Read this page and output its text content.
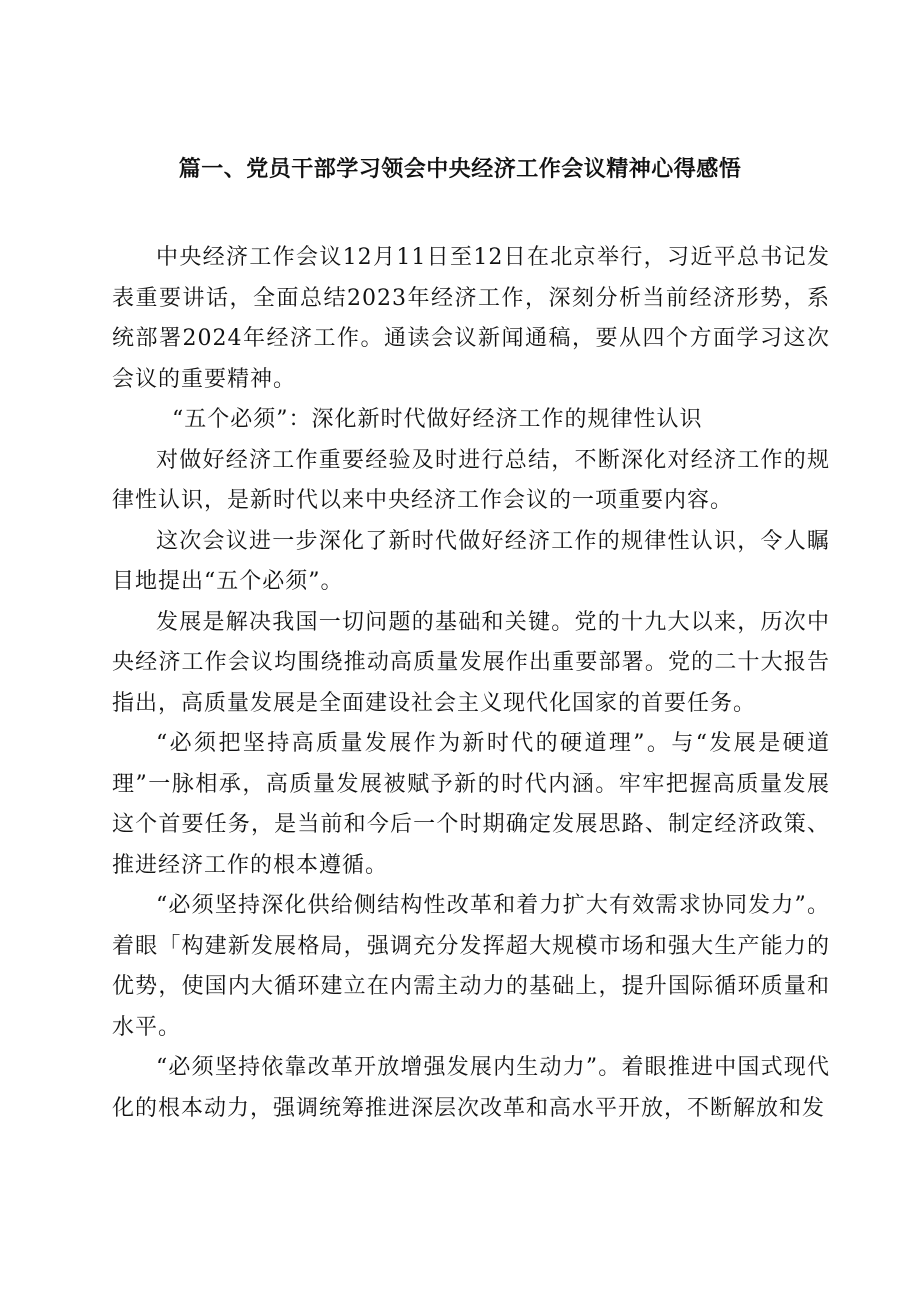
篇一、党员干部学习领会中央经济工作会议精神心得感悟

中央经济工作会议12月11日至12日在北京举行，习近平总书记发表重要讲话，全面总结2023年经济工作，深刻分析当前经济形势，系统部署2024年经济工作。通读会议新闻通稿，要从四个方面学习这次会议的重要精神。

“五个必须”：深化新时代做好经济工作的规律性认识

对做好经济工作重要经验及时进行总结，不断深化对经济工作的规律性认识，是新时代以来中央经济工作会议的一项重要内容。

这次会议进一步深化了新时代做好经济工作的规律性认识，令人瞩目地提出“五个必须”。

发展是解决我国一切问题的基础和关键。党的十九大以来，历次中央经济工作会议均围绕推动高质量发展作出重要部署。党的二十大报告指出，高质量发展是全面建设社会主义现代化国家的首要任务。

“必须把坚持高质量发展作为新时代的硬道理”。与“发展是硬道理”一脉相承，高质量发展被赋予新的时代内涵。牢牢把握高质量发展这个首要任务，是当前和今后一个时期确定发展思路、制定经济政策、推进经济工作的根本遵循。

“必须坚持深化供给侧结构性改革和着力扩大有效需求协同发力”。着眼「构建新发展格局，强调充分发挥超大规模市场和强大生产能力的优势，使国内大循环建立在内需主动力的基础上，提升国际循环质量和水平。

“必须坚持依靠改革开放增强发展内生动力”。着眼推进中国式现代化的根本动力，强调统筹推进深层次改革和高水平开放，不断解放和发
